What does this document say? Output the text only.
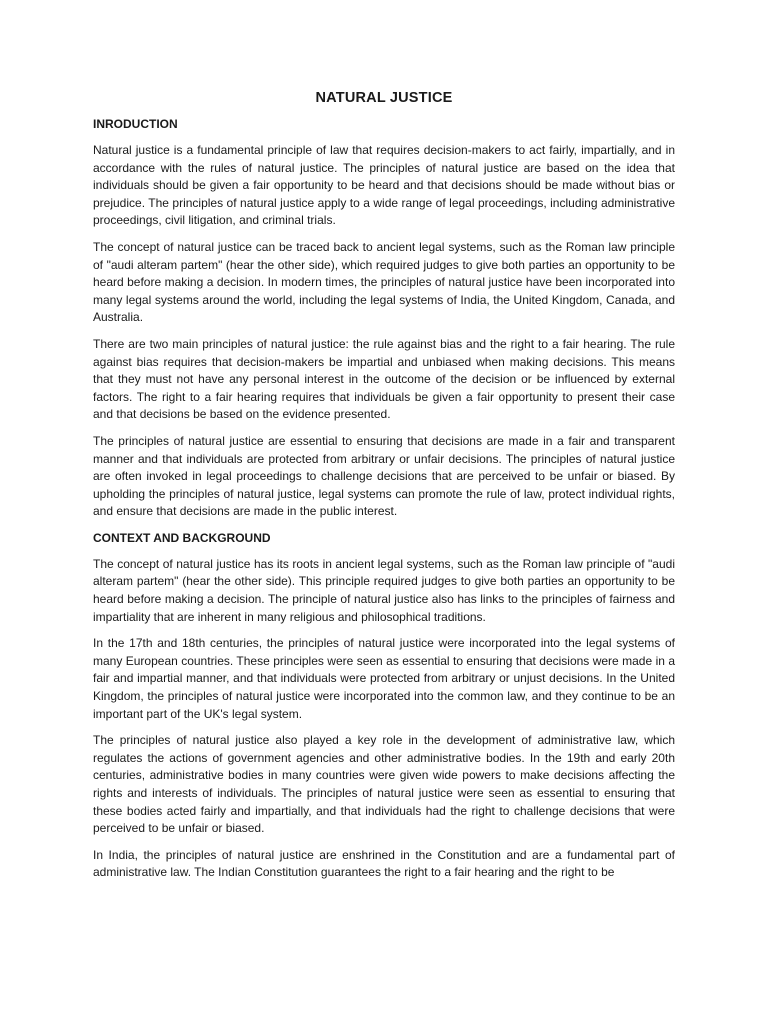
NATURAL JUSTICE
INRODUCTION

Natural justice is a fundamental principle of law that requires decision-makers to act fairly, impartially, and in accordance with the rules of natural justice. The principles of natural justice are based on the idea that individuals should be given a fair opportunity to be heard and that decisions should be made without bias or prejudice. The principles of natural justice apply to a wide range of legal proceedings, including administrative proceedings, civil litigation, and criminal trials.

The concept of natural justice can be traced back to ancient legal systems, such as the Roman law principle of "audi alteram partem" (hear the other side), which required judges to give both parties an opportunity to be heard before making a decision. In modern times, the principles of natural justice have been incorporated into many legal systems around the world, including the legal systems of India, the United Kingdom, Canada, and Australia.

There are two main principles of natural justice: the rule against bias and the right to a fair hearing. The rule against bias requires that decision-makers be impartial and unbiased when making decisions. This means that they must not have any personal interest in the outcome of the decision or be influenced by external factors. The right to a fair hearing requires that individuals be given a fair opportunity to present their case and that decisions be based on the evidence presented.

The principles of natural justice are essential to ensuring that decisions are made in a fair and transparent manner and that individuals are protected from arbitrary or unfair decisions. The principles of natural justice are often invoked in legal proceedings to challenge decisions that are perceived to be unfair or biased. By upholding the principles of natural justice, legal systems can promote the rule of law, protect individual rights, and ensure that decisions are made in the public interest.

CONTEXT AND BACKGROUND

The concept of natural justice has its roots in ancient legal systems, such as the Roman law principle of "audi alteram partem" (hear the other side). This principle required judges to give both parties an opportunity to be heard before making a decision. The principle of natural justice also has links to the principles of fairness and impartiality that are inherent in many religious and philosophical traditions.

In the 17th and 18th centuries, the principles of natural justice were incorporated into the legal systems of many European countries. These principles were seen as essential to ensuring that decisions were made in a fair and impartial manner, and that individuals were protected from arbitrary or unjust decisions. In the United Kingdom, the principles of natural justice were incorporated into the common law, and they continue to be an important part of the UK's legal system.

The principles of natural justice also played a key role in the development of administrative law, which regulates the actions of government agencies and other administrative bodies. In the 19th and early 20th centuries, administrative bodies in many countries were given wide powers to make decisions affecting the rights and interests of individuals. The principles of natural justice were seen as essential to ensuring that these bodies acted fairly and impartially, and that individuals had the right to challenge decisions that were perceived to be unfair or biased.

In India, the principles of natural justice are enshrined in the Constitution and are a fundamental part of administrative law. The Indian Constitution guarantees the right to a fair hearing and the right to be
